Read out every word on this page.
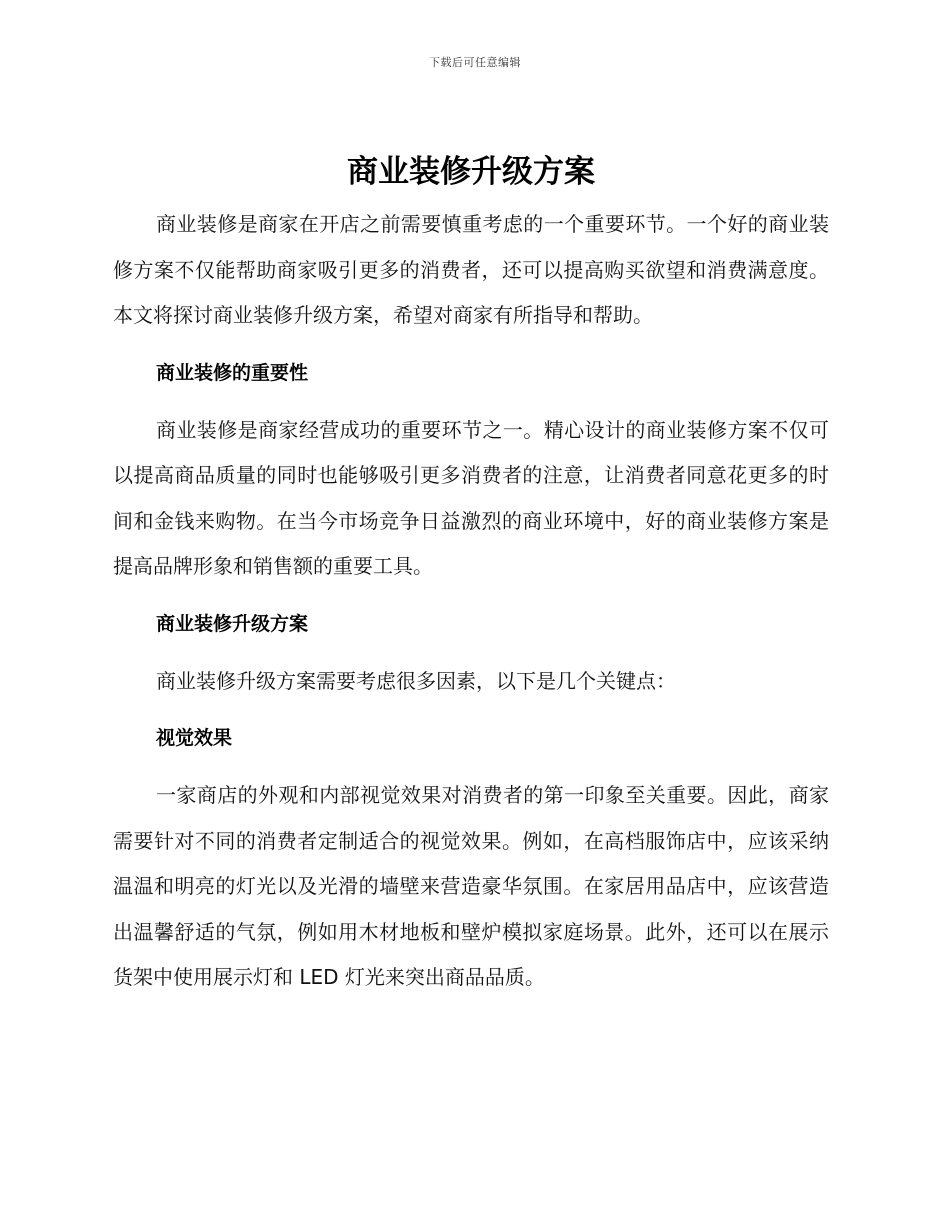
下载后可任意编辑
商业装修升级方案

商业装修是商家在开店之前需要慎重考虑的一个重要环节。一个好的商业装修方案不仅能帮助商家吸引更多的消费者，还可以提高购买欲望和消费满意度。本文将探讨商业装修升级方案，希望对商家有所指导和帮助。

商业装修的重要性

商业装修是商家经营成功的重要环节之一。精心设计的商业装修方案不仅可以提高商品质量的同时也能够吸引更多消费者的注意，让消费者同意花更多的时间和金钱来购物。在当今市场竞争日益激烈的商业环境中，好的商业装修方案是提高品牌形象和销售额的重要工具。

商业装修升级方案

商业装修升级方案需要考虑很多因素，以下是几个关键点：

视觉效果

一家商店的外观和内部视觉效果对消费者的第一印象至关重要。因此，商家需要针对不同的消费者定制适合的视觉效果。例如，在高档服饰店中，应该采纳温温和明亮的灯光以及光滑的墙壁来营造豪华氛围。在家居用品店中，应该营造出温馨舒适的气氛，例如用木材地板和壁炉模拟家庭场景。此外，还可以在展示货架中使用展示灯和 LED 灯光来突出商品品质。
